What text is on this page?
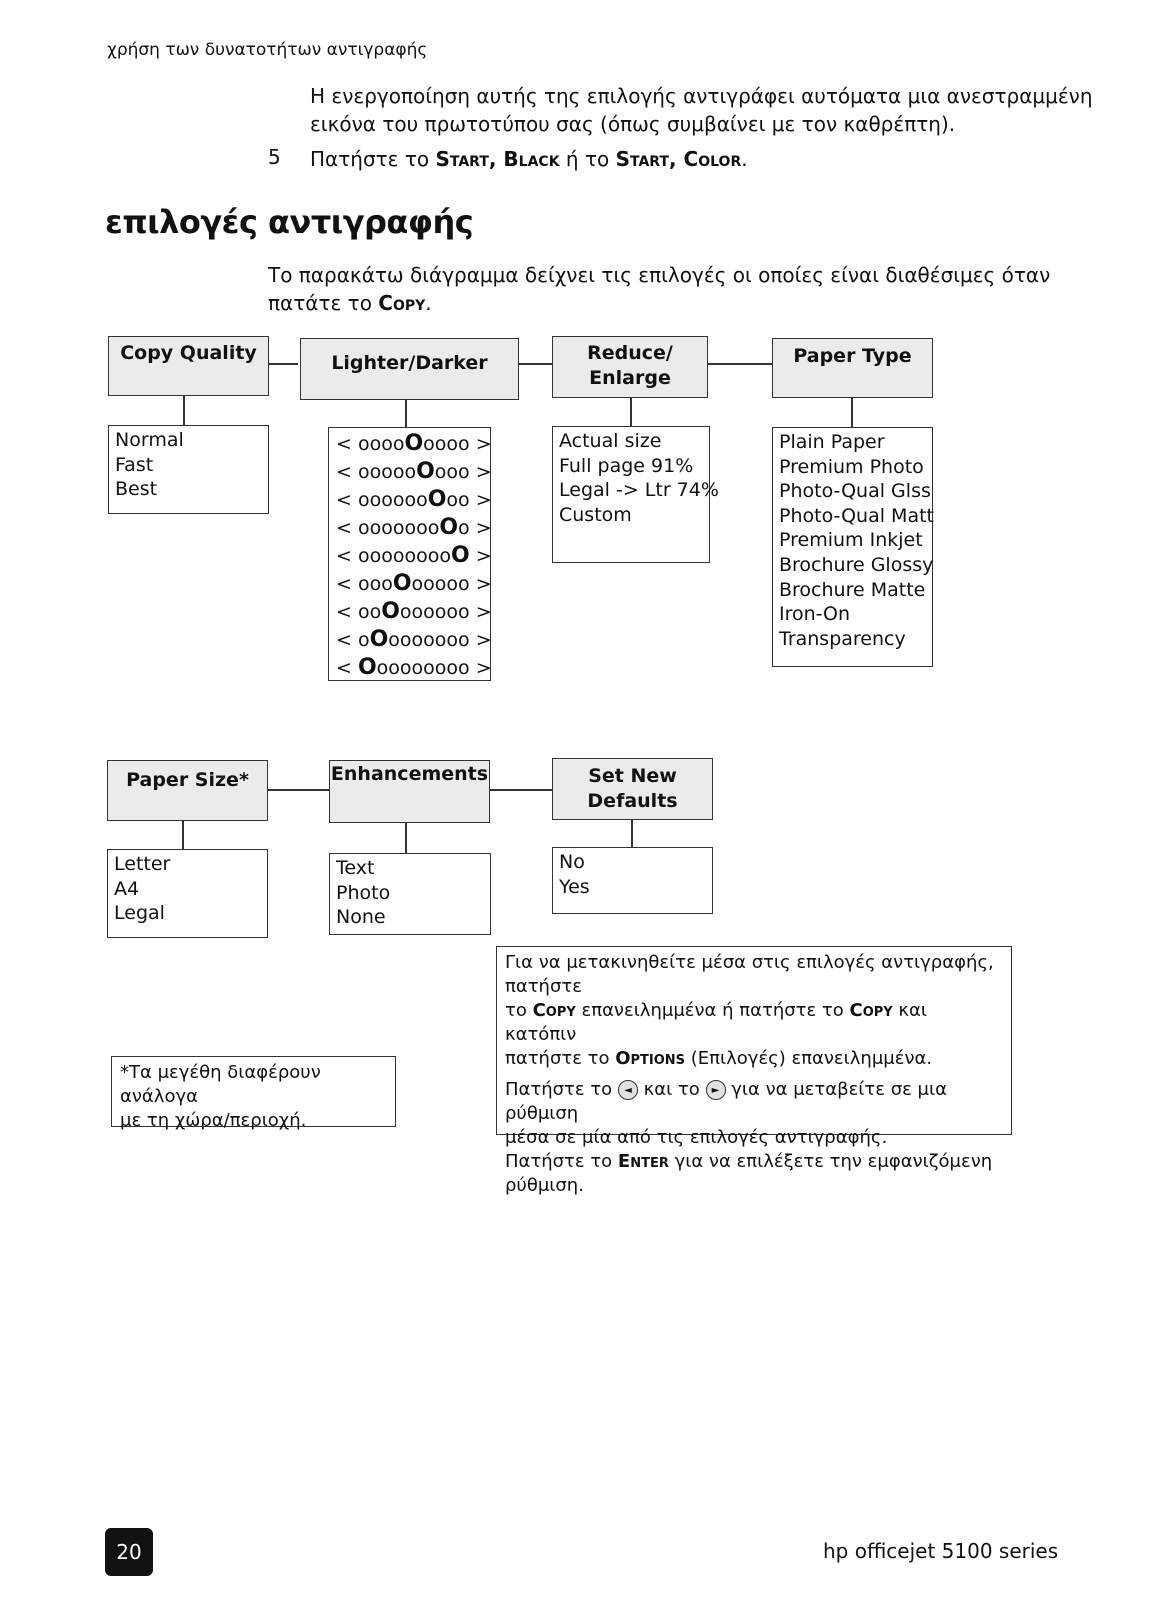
χρήση των δυνατοτήτων αντιγραφής
Η ενεργοποίηση αυτής της επιλογής αντιγράφει αυτόματα μια ανεστραμμένη
εικόνα του πρωτοτύπου σας (όπως συμβαίνει με τον καθρέπτη).
5 Πατήστε το Start, Black ή το Start, Color.
επιλογές αντιγραφής
Το παρακάτω διάγραμμα δείχνει τις επιλογές οι οποίες είναι διαθέσιμες όταν
πατάτε το Copy.
Copy Quality
Normal
Fast
Best
Lighter/Darker
< ooooOoooo >
< oooooOooo >
< ooooooOoo >
< oooooooOo >
< ooooooooO >
< oooOooooo >
< ooOoooooo >
< oOooooooo >
< Ooooooooo >
Reduce/
Enlarge
Actual size
Full page 91%
Legal -> Ltr 74%
Custom
Paper Type
Plain Paper
Premium Photo
Photo-Qual Glss
Photo-Qual Matt
Premium Inkjet
Brochure Glossy
Brochure Matte
Iron-On
Transparency
Paper Size*
Letter
A4
Legal
Enhancements
Text
Photo
None
Set New
Defaults
No
Yes
Για να μετακινηθείτε μέσα στις επιλογές αντιγραφής, πατήστε
το Copy επανειλημμένα ή πατήστε το Copy και κατόπιν
πατήστε το Options (Επιλογές) επανειλημμένα.
Πατήστε το ◄ και το ► για να μεταβείτε σε μια ρύθμιση
μέσα σε μία από τις επιλογές αντιγραφής.
Πατήστε το Enter για να επιλέξετε την εμφανιζόμενη
ρύθμιση.
*Τα μεγέθη διαφέρουν ανάλογα
με τη χώρα/περιοχή.
20	hp officejet 5100 series
